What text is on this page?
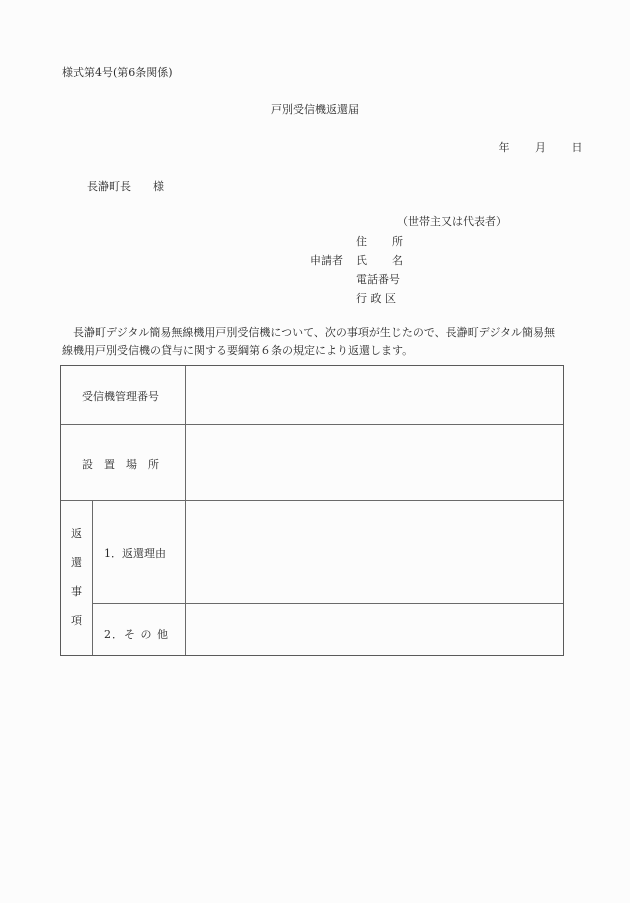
様式第4号(第6条関係)
戸別受信機返還届
年 月 日
長瀞町長 様
（世帯主又は代表者）
申請者
住 所
氏 名
電話番号
行 政 区
長瀞町デジタル簡易無線機用戸別受信機について、次の事項が生じたので、長瀞町デジタル簡易無線機用戸別受信機の貸与に関する要綱第６条の規定により返還します。
受信機管理番号
設　置　場　所
返
還
事
項
1．返還理由
2．そ の 他
